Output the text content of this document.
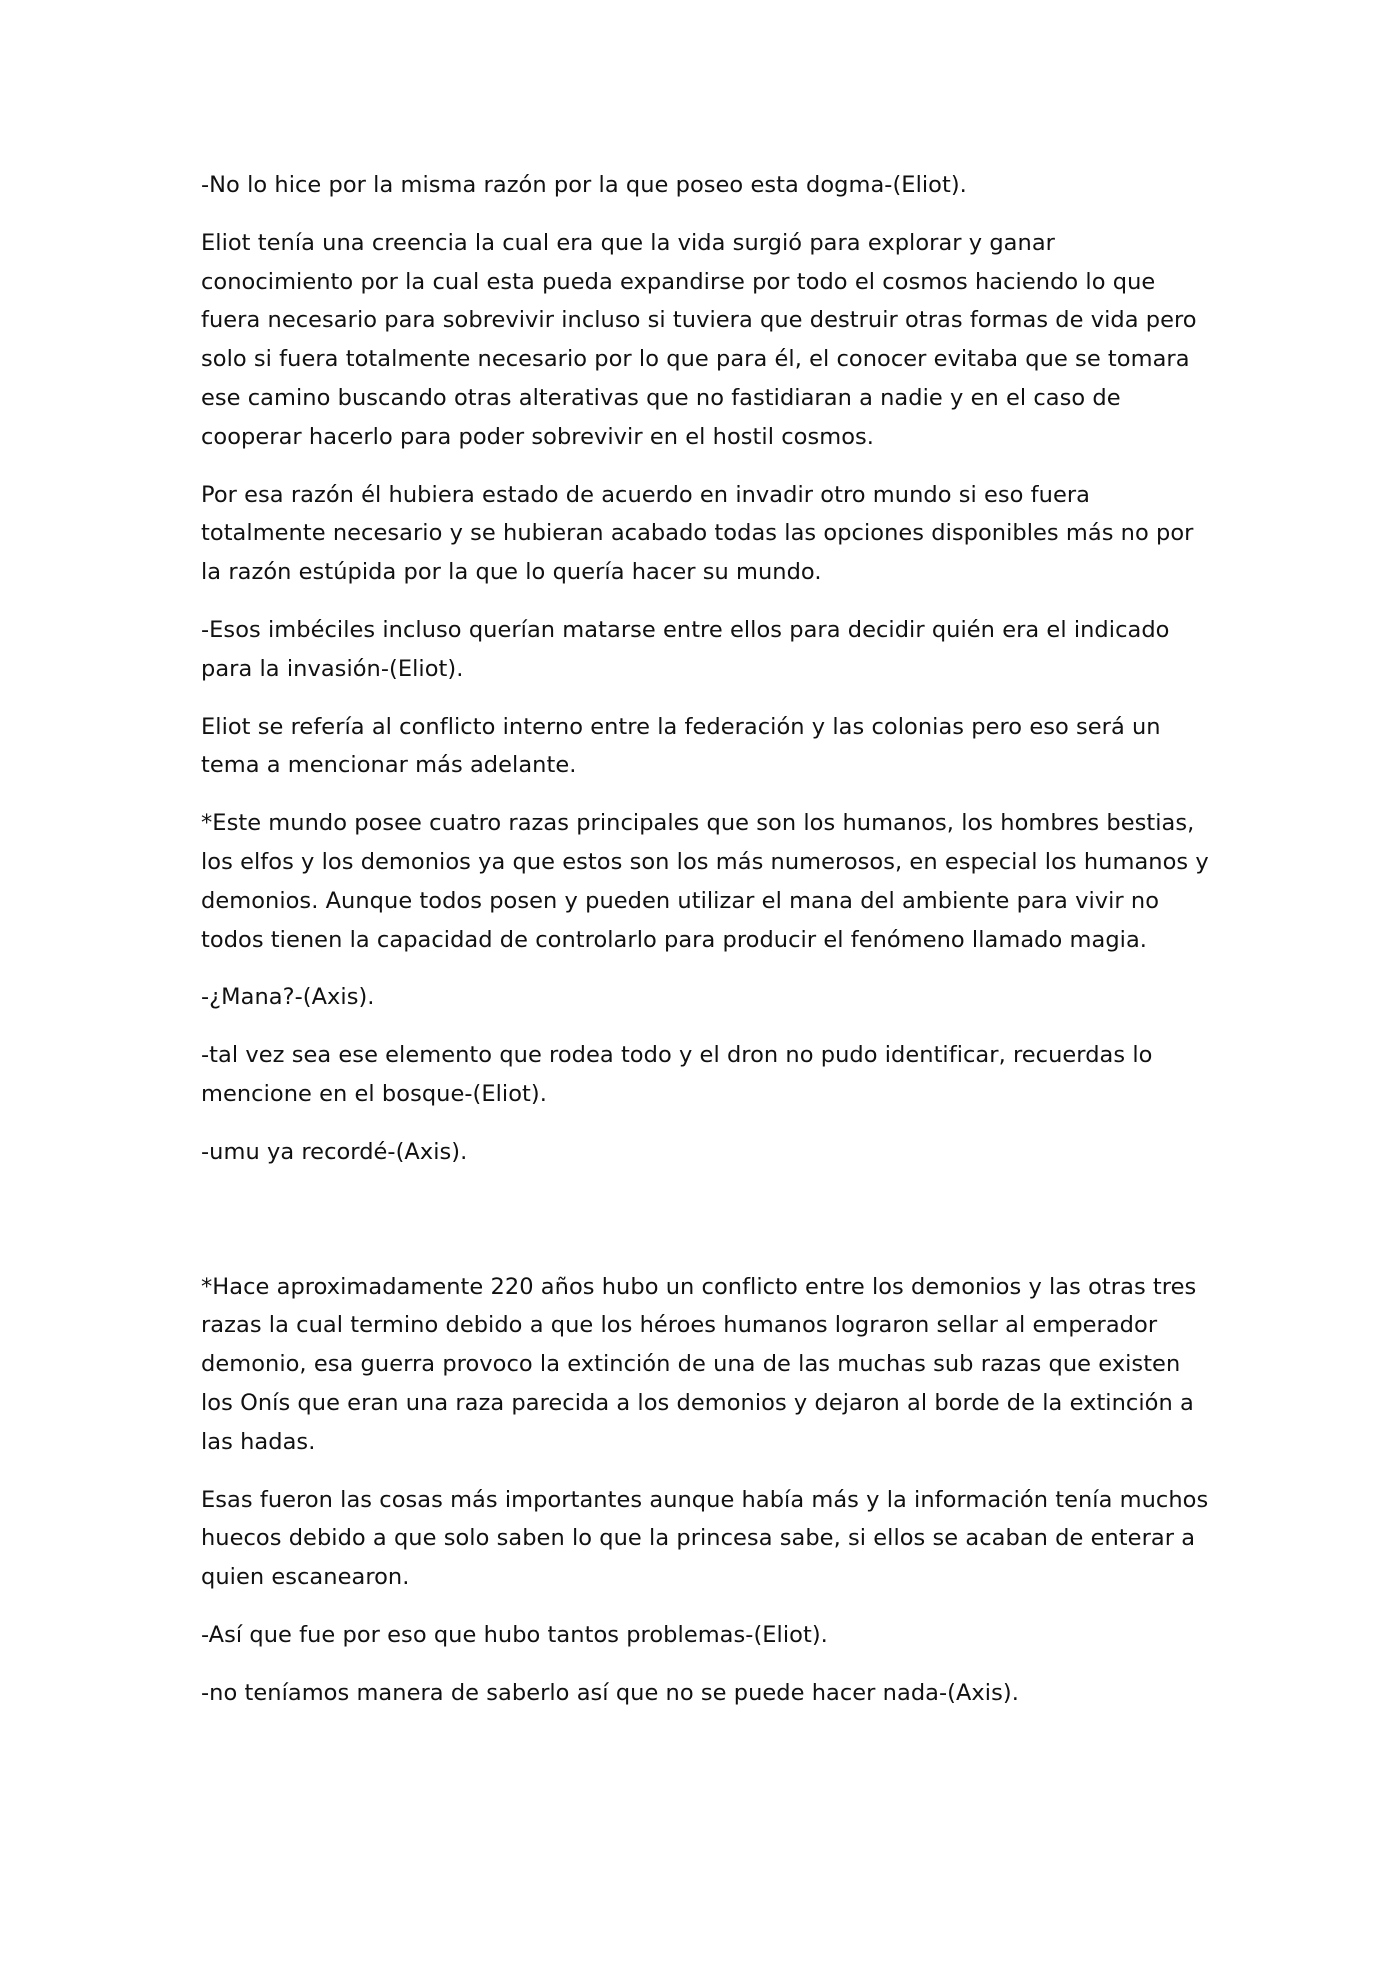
-No lo hice por la misma razón por la que poseo esta dogma-(Eliot).

Eliot tenía una creencia la cual era que la vida surgió para explorar y ganar conocimiento por la cual esta pueda expandirse por todo el cosmos haciendo lo que fuera necesario para sobrevivir incluso si tuviera que destruir otras formas de vida pero solo si fuera totalmente necesario por lo que para él, el conocer evitaba que se tomara ese camino buscando otras alterativas que no fastidiaran a nadie y en el caso de cooperar hacerlo para poder sobrevivir en el hostil cosmos.

Por esa razón él hubiera estado de acuerdo en invadir otro mundo si eso fuera totalmente necesario y se hubieran acabado todas las opciones disponibles más no por la razón estúpida por la que lo quería hacer su mundo.

-Esos imbéciles incluso querían matarse entre ellos para decidir quién era el indicado para la invasión-(Eliot).

Eliot se refería al conflicto interno entre la federación y las colonias pero eso será un tema a mencionar más adelante.

*Este mundo posee cuatro razas principales que son los humanos, los hombres bestias, los elfos y los demonios ya que estos son los más numerosos, en especial los humanos y demonios. Aunque todos posen y pueden utilizar el mana del ambiente para vivir no todos tienen la capacidad de controlarlo para producir el fenómeno llamado magia.

-¿Mana?-(Axis).

-tal vez sea ese elemento que rodea todo y el dron no pudo identificar, recuerdas lo mencione en el bosque-(Eliot).

-umu ya recordé-(Axis).

*Hace aproximadamente 220 años hubo un conflicto entre los demonios y las otras tres razas la cual termino debido a que los héroes humanos lograron sellar al emperador demonio, esa guerra provoco la extinción de una de las muchas sub razas que existen los Onís que eran una raza parecida a los demonios y dejaron al borde de la extinción a las hadas.

Esas fueron las cosas más importantes aunque había más y la información tenía muchos huecos debido a que solo saben lo que la princesa sabe, si ellos se acaban de enterar a quien escanearon.

-Así que fue por eso que hubo tantos problemas-(Eliot).

-no teníamos manera de saberlo así que no se puede hacer nada-(Axis).
